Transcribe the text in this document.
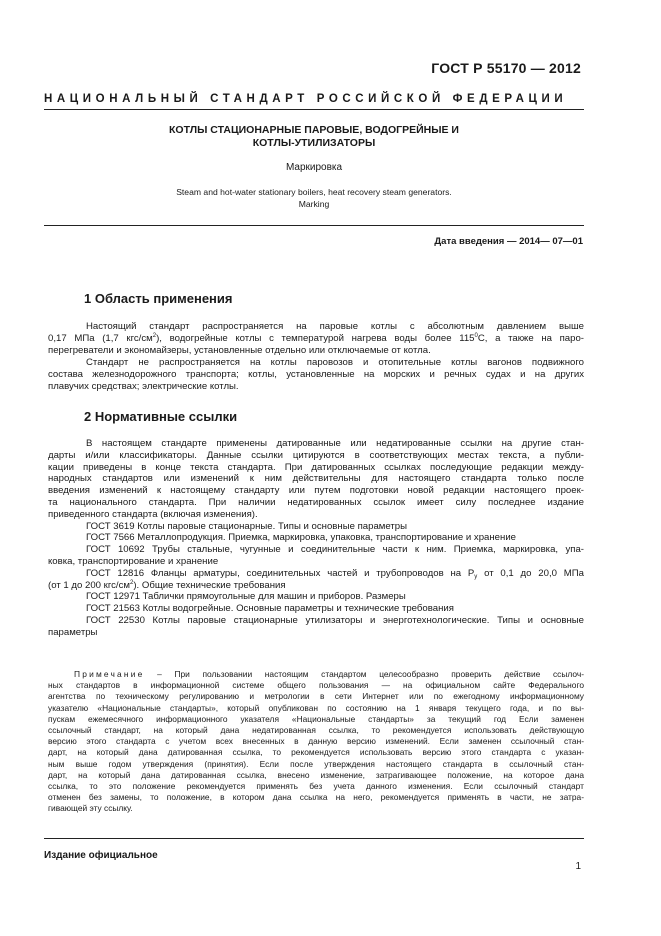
ГОСТ Р 55170 — 2012
НАЦИОНАЛЬНЫЙ СТАНДАРТ РОССИЙСКОЙ ФЕДЕРАЦИИ
КОТЛЫ СТАЦИОНАРНЫЕ ПАРОВЫЕ, ВОДОГРЕЙНЫЕ И
КОТЛЫ-УТИЛИЗАТОРЫ
Маркировка
Steam and hot-water stationary boilers, heat recovery steam generators.
Marking
Дата введения — 2014— 07—01
1 Область применения
Настоящий стандарт распространяется на паровые котлы с абсолютным давлением выше
0,17 МПа (1,7 кгс/$см^2$), водогрейные котлы с температурой нагрева воды более $115^0С$, а также на паро-
перегреватели и экономайзеры, установленные отдельно или отключаемые от котла.
Стандарт не распространяется на котлы паровозов и отопительные котлы вагонов подвижного
состава железнодорожного транспорта; котлы, установленные на морских и речных судах и на других
плавучих средствах; электрические котлы.
2 Нормативные ссылки
В настоящем стандарте применены датированные или недатированные ссылки на другие стан-
дарты и/или классификаторы. Данные ссылки цитируются в соответствующих местах текста, а публи-
кации приведены в конце текста стандарта. При датированных ссылках последующие редакции между-
народных стандартов или изменений к ним действительны для настоящего стандарта только после
введения изменений к настоящему стандарту или путем подготовки новой редакции настоящего проек-
та национального стандарта. При наличии недатированных ссылок имеет силу последнее издание
приведенного стандарта (включая изменения).
ГОСТ 3619 Котлы паровые стационарные. Типы и основные параметры
ГОСТ 7566 Металлопродукция. Приемка, маркировка, упаковка, транспортирование и хранение
ГОСТ 10692 Трубы стальные, чугунные и соединительные части к ним. Приемка, маркировка, упа-
ковка, транспортирование и хранение
ГОСТ 12816 Фланцы арматуры, соединительных частей и трубопроводов на $Р_у$ от 0,1 до 20,0 МПа
(от 1 до 200 кгс/$см^2$). Общие технические требования
ГОСТ 12971 Таблички прямоугольные для машин и приборов. Размеры
ГОСТ 21563 Котлы водогрейные. Основные параметры и технические требования
ГОСТ 22530 Котлы паровые стационарные утилизаторы и энерготехнологические. Типы и основные
параметры
Примечание – При пользовании настоящим стандартом целесообразно проверить действие ссылоч-
ных стандартов в информационной системе общего пользования — на официальном сайте Федерального
агентства по техническому регулированию и метрологии в сети Интернет или по ежегодному информационному
указателю «Национальные стандарты», который опубликован по состоянию на 1 января текущего года, и по вы-
пускам ежемесячного информационного указателя «Национальные стандарты» за текущий год Если заменен
ссылочный стандарт, на который дана недатированная ссылка, то рекомендуется использовать действующую
версию этого стандарта с учетом всех внесенных в данную версию изменений. Если заменен ссылочный стан-
дарт, на который дана датированная ссылка, то рекомендуется использовать версию этого стандарта с указан-
ным выше годом утверждения (принятия). Если после утверждения настоящего стандарта в ссылочный стан-
дарт, на который дана датированная ссылка, внесено изменение, затрагивающее положение, на которое дана
ссылка, то это положение рекомендуется применять без учета данного изменения. Если ссылочный стандарт
отменен без замены, то положение, в котором дана ссылка на него, рекомендуется применять в части, не затра-
гивающей эту ссылку.
Издание официальное
1
